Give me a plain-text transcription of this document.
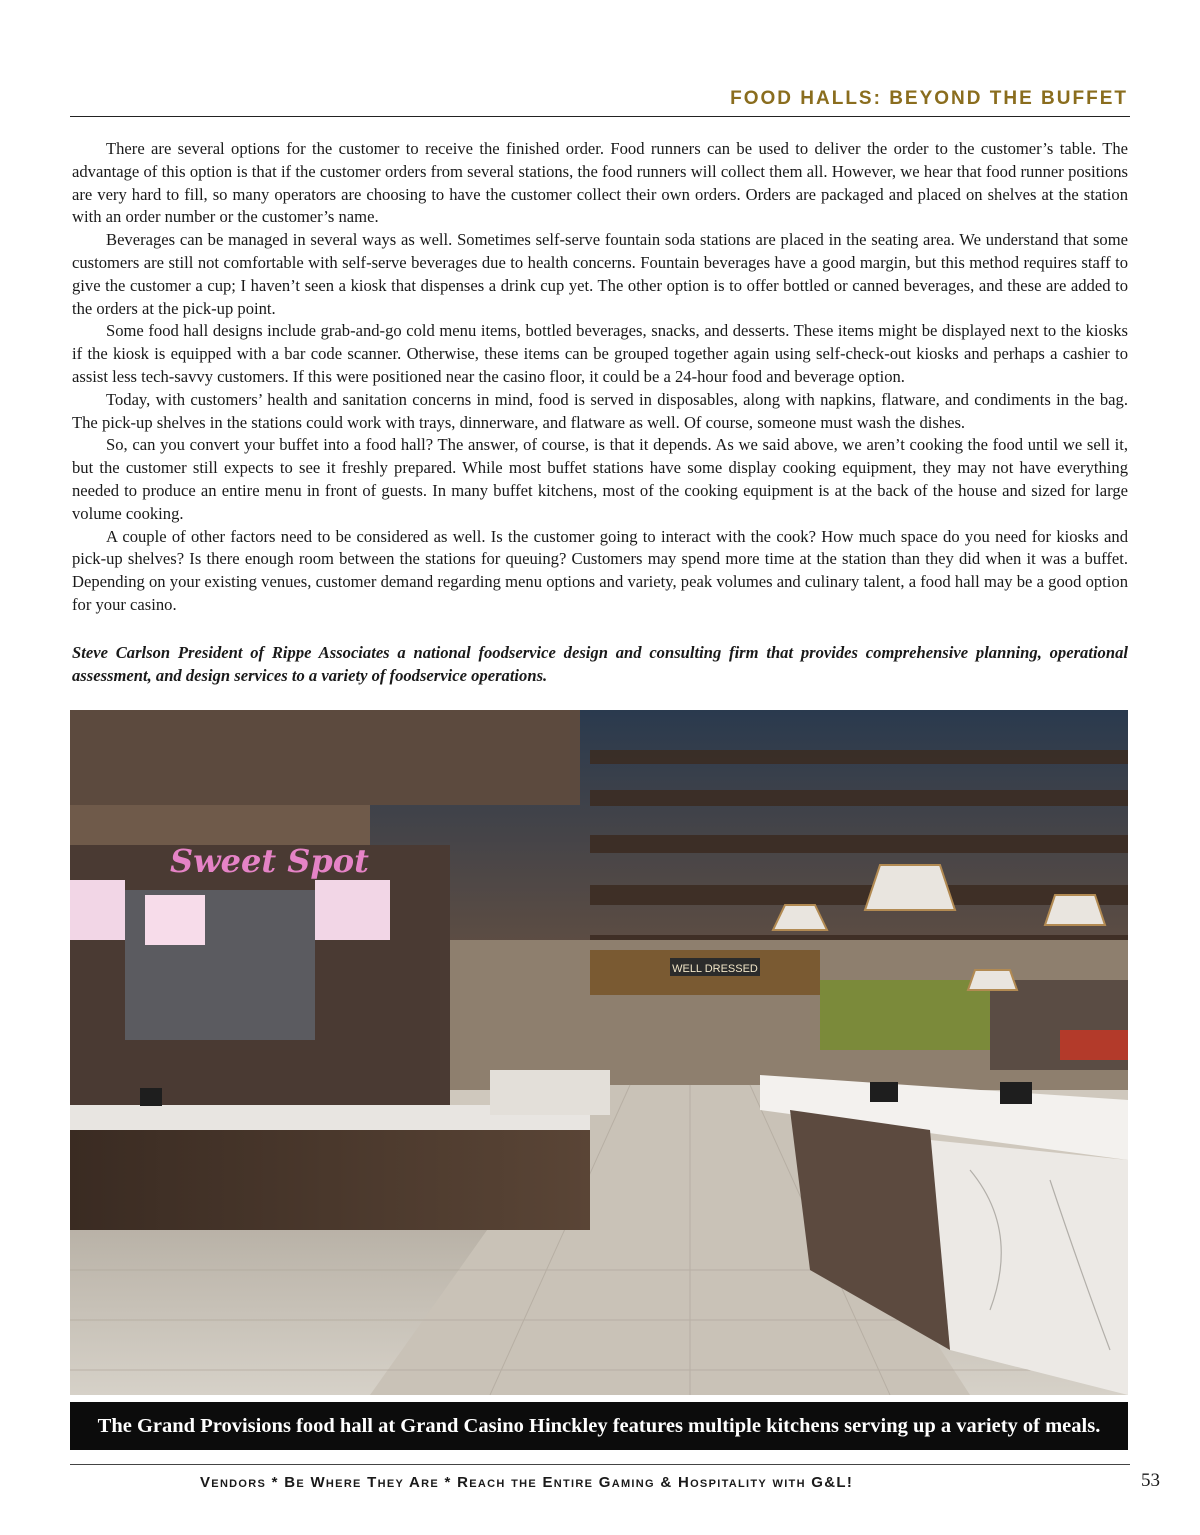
FOOD HALLS: BEYOND THE BUFFET

There are several options for the customer to receive the finished order. Food runners can be used to deliver the order to the customer’s table. The advantage of this option is that if the customer orders from several stations, the food runners will collect them all. However, we hear that food runner positions are very hard to fill, so many operators are choosing to have the customer collect their own orders. Orders are packaged and placed on shelves at the station with an order number or the customer’s name.

Beverages can be managed in several ways as well. Sometimes self-serve fountain soda stations are placed in the seating area. We understand that some customers are still not comfortable with self-serve beverages due to health concerns. Fountain beverages have a good margin, but this method requires staff to give the customer a cup; I haven’t seen a kiosk that dispenses a drink cup yet. The other option is to offer bottled or canned beverages, and these are added to the orders at the pick-up point.

Some food hall designs include grab-and-go cold menu items, bottled beverages, snacks, and desserts. These items might be displayed next to the kiosks if the kiosk is equipped with a bar code scanner. Otherwise, these items can be grouped together again using self-check-out kiosks and perhaps a cashier to assist less tech-savvy customers. If this were positioned near the casino floor, it could be a 24-hour food and beverage option.

Today, with customers’ health and sanitation concerns in mind, food is served in disposables, along with napkins, flatware, and condiments in the bag. The pick-up shelves in the stations could work with trays, dinnerware, and flatware as well. Of course, someone must wash the dishes.

So, can you convert your buffet into a food hall? The answer, of course, is that it depends. As we said above, we aren’t cooking the food until we sell it, but the customer still expects to see it freshly prepared. While most buffet stations have some display cooking equipment, they may not have everything needed to produce an entire menu in front of guests. In many buffet kitchens, most of the cooking equipment is at the back of the house and sized for large volume cooking.

A couple of other factors need to be considered as well. Is the customer going to interact with the cook? How much space do you need for kiosks and pick-up shelves? Is there enough room between the stations for queuing? Customers may spend more time at the station than they did when it was a buffet. Depending on your existing venues, customer demand regarding menu options and variety, peak volumes and culinary talent, a food hall may be a good option for your casino.

Steve Carlson President of Rippe Associates a national foodservice design and consulting firm that provides comprehensive planning, operational assessment, and design services to a variety of foodservice operations.
WELL DRESSED
Sweet Spot
The Grand Provisions food hall at Grand Casino Hinckley features multiple kitchens serving up a variety of meals.
Vendors * Be Where They Are * Reach the Entire Gaming & Hospitality with G&L!	53
